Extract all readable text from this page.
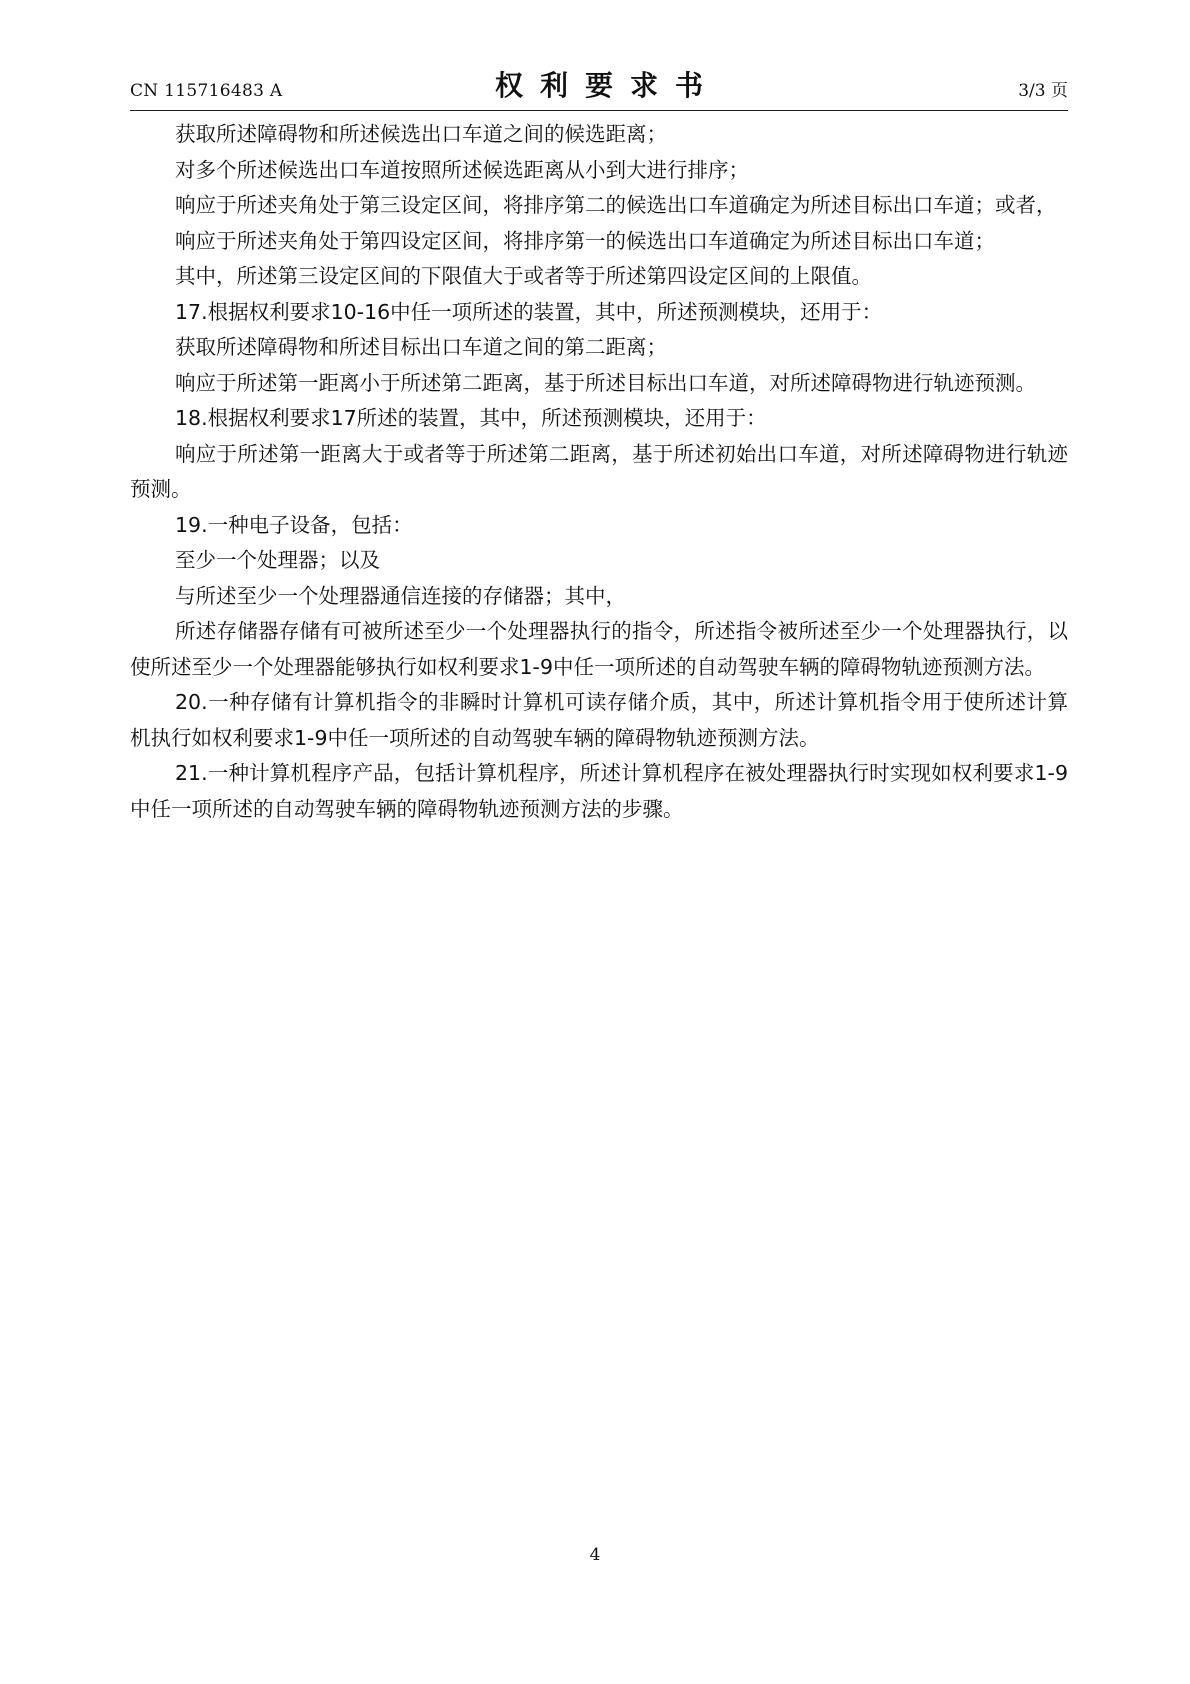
CN 115716483 A	权利要求书	3/3 页

获取所述障碍物和所述候选出口车道之间的候选距离；

对多个所述候选出口车道按照所述候选距离从小到大进行排序；

响应于所述夹角处于第三设定区间，将排序第二的候选出口车道确定为所述目标出口车道；或者，

响应于所述夹角处于第四设定区间，将排序第一的候选出口车道确定为所述目标出口车道；

其中，所述第三设定区间的下限值大于或者等于所述第四设定区间的上限值。

17.根据权利要求10-16中任一项所述的装置，其中，所述预测模块，还用于：

获取所述障碍物和所述目标出口车道之间的第二距离；

响应于所述第一距离小于所述第二距离，基于所述目标出口车道，对所述障碍物进行轨迹预测。

18.根据权利要求17所述的装置，其中，所述预测模块，还用于：

响应于所述第一距离大于或者等于所述第二距离，基于所述初始出口车道，对所述障碍物进行轨迹预测。

19.一种电子设备，包括：

至少一个处理器；以及

与所述至少一个处理器通信连接的存储器；其中，

所述存储器存储有可被所述至少一个处理器执行的指令，所述指令被所述至少一个处理器执行，以使所述至少一个处理器能够执行如权利要求1-9中任一项所述的自动驾驶车辆的障碍物轨迹预测方法。

20.一种存储有计算机指令的非瞬时计算机可读存储介质，其中，所述计算机指令用于使所述计算机执行如权利要求1-9中任一项所述的自动驾驶车辆的障碍物轨迹预测方法。

21.一种计算机程序产品，包括计算机程序，所述计算机程序在被处理器执行时实现如权利要求1-9中任一项所述的自动驾驶车辆的障碍物轨迹预测方法的步骤。

4
